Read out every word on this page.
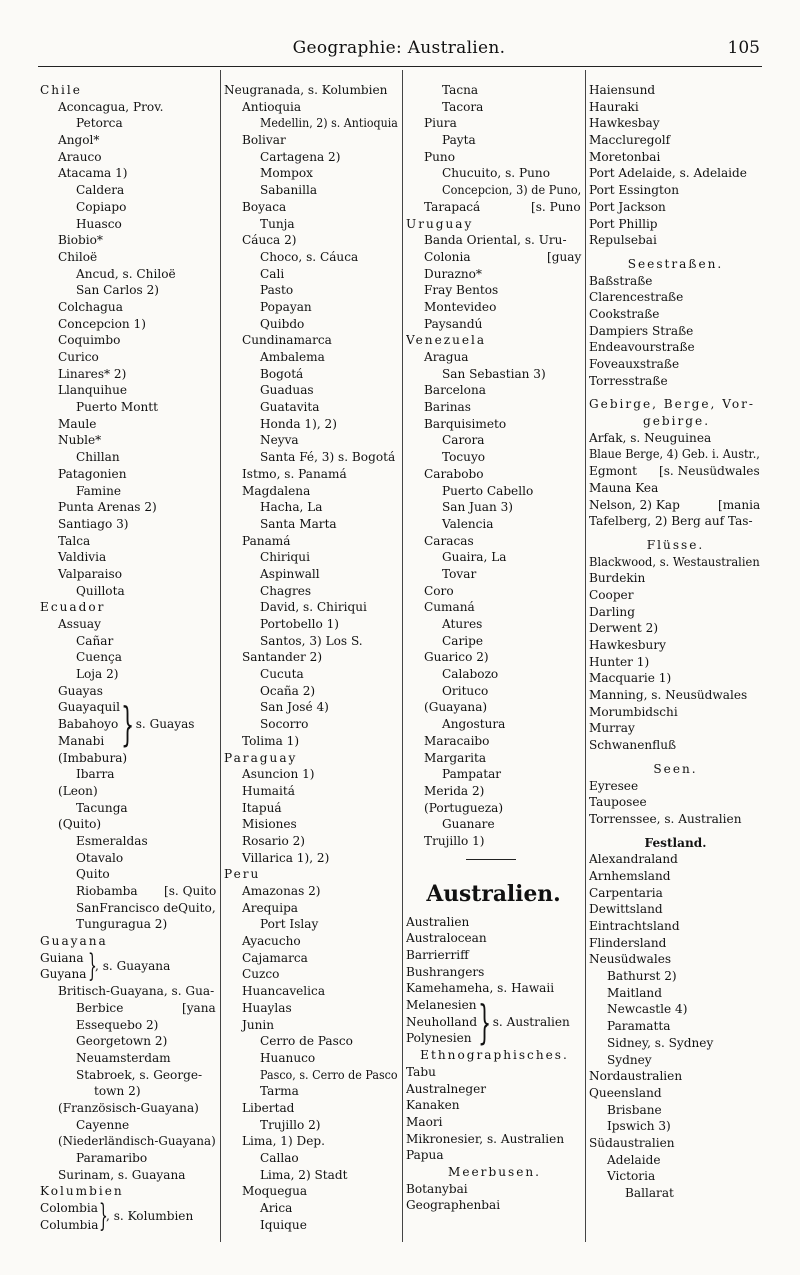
Geographie: Australien.	105
Chile
Aconcagua, Prov.
Petorca
Angol*
Arauco
Atacama 1)
Caldera
Copiapo
Huasco
Biobio*
Chiloë
Ancud, s. Chiloë
San Carlos 2)
Colchagua
Concepcion 1)
Coquimbo
Curico
Linares* 2)
Llanquihue
Puerto Montt
Maule
Nuble*
Chillan
Patagonien
Famine
Punta Arenas 2)
Santiago 3)
Talca
Valdivia
Valparaiso
Quillota
Ecuador
Assuay
Cañar
Cuença
Loja 2)
Guayas
Guayaquil
Babahoyo
Manabi }
, s. Guayas
(Imbabura)
Ibarra
(Leon)
Tacunga
(Quito)
Esmeraldas
Otavalo
Quito
Riobamba [s. Quito
SanFrancisco deQuito,
Tunguragua 2)
Guayana
Guiana
Guyana }
, s. Guayana
Britisch-Guayana, s. Gua-
Berbice	[yana
Essequebo 2)
Georgetown 2)
Neuamsterdam
Stabroek, s. George-
town 2)
(Französisch-Guayana)
Cayenne
(Niederländisch-Guayana)
Paramaribo
Surinam, s. Guayana
Kolumbien
Colombia
Columbia }
, s. Kolumbien
Neugranada, s. Kolumbien
Antioquia
Medellin, 2) s. Antioquia
Bolivar
Cartagena 2)
Mompox
Sabanilla
Boyaca
Tunja
Cáuca 2)
Choco, s. Cáuca
Cali
Pasto
Popayan
Quibdo
Cundinamarca
Ambalema
Bogotá
Guaduas
Guatavita
Honda 1), 2)
Neyva
Santa Fé, 3) s. Bogotá
Istmo, s. Panamá
Magdalena
Hacha, La
Santa Marta
Panamá
Chiriqui
Aspinwall
Chagres
David, s. Chiriqui
Portobello 1)
Santos, 3) Los S.
Santander 2)
Cucuta
Ocaña 2)
San José 4)
Socorro
Tolima 1)
Paraguay
Asuncion 1)
Humaitá
Itapuá
Misiones
Rosario 2)
Villarica 1), 2)
Peru
Amazonas 2)
Arequipa
Port Islay
Ayacucho
Cajamarca
Cuzco
Huancavelica
Huaylas
Junin
Cerro de Pasco
Huanuco
Pasco, s. Cerro de Pasco
Tarma
Libertad
Trujillo 2)
Lima, 1) Dep.
Callao
Lima, 2) Stadt
Moquegua
Arica
Iquique
Tacna
Tacora
Piura
Payta
Puno
Chucuito, s. Puno
Concepcion, 3) de Puno,
Tarapacá	[s. Puno
Uruguay
Banda Oriental, s. Uru-
Colonia	[guay
Durazno*
Fray Bentos
Montevideo
Paysandú
Venezuela
Aragua
San Sebastian 3)
Barcelona
Barinas
Barquisimeto
Carora
Tocuyo
Carabobo
Puerto Cabello
San Juan 3)
Valencia
Caracas
Guaira, La
Tovar
Coro
Cumaná
Atures
Caripe
Guarico 2)
Calabozo
Orituco
(Guayana)
Angostura
Maracaibo
Margarita
Pampatar
Merida 2)
(Portugueza)
Guanare
Trujillo 1)
Australien.
Australien
Australocean
Barrierriff
Bushrangers
Kamehameha, s. Hawaii
Melanesien
Neuholland
Polynesien }
, s. Australien
Ethnographisches.
Tabu
Australneger
Kanaken
Maori
Mikronesier, s. Australien
Papua
Meerbusen.
Botanybai
Geographenbai
Haiensund
Hauraki
Hawkesbay
Maccluregolf
Moretonbai
Port Adelaide, s. Adelaide
Port Essington
Port Jackson
Port Phillip
Repulsebai
Seestraßen.
Baßstraße
Clarencestraße
Cookstraße
Dampiers Straße
Endeavourstraße
Foveauxstraße
Torresstraße
Gebirge, Berge, Vor-
gebirge.
Arfak, s. Neuguinea
Blaue Berge, 4) Geb. i. Austr.,
Egmont [s. Neusüdwales
Mauna Kea
Nelson, 2) Kap	[mania
Tafelberg, 2) Berg auf Tas-
Flüsse.
Blackwood, s. Westaustralien
Burdekin
Cooper
Darling
Derwent 2)
Hawkesbury
Hunter 1)
Macquarie 1)
Manning, s. Neusüdwales
Morumbidschi
Murray
Schwanenfluß
Seen.
Eyresee
Tauposee
Torrenssee, s. Australien
Festland.
Alexandraland
Arnhemsland
Carpentaria
Dewittsland
Eintrachtsland
Flindersland
Neusüdwales
Bathurst 2)
Maitland
Newcastle 4)
Paramatta
Sidney, s. Sydney
Sydney
Nordaustralien
Queensland
Brisbane
Ipswich 3)
Südaustralien
Adelaide
Victoria
Ballarat
